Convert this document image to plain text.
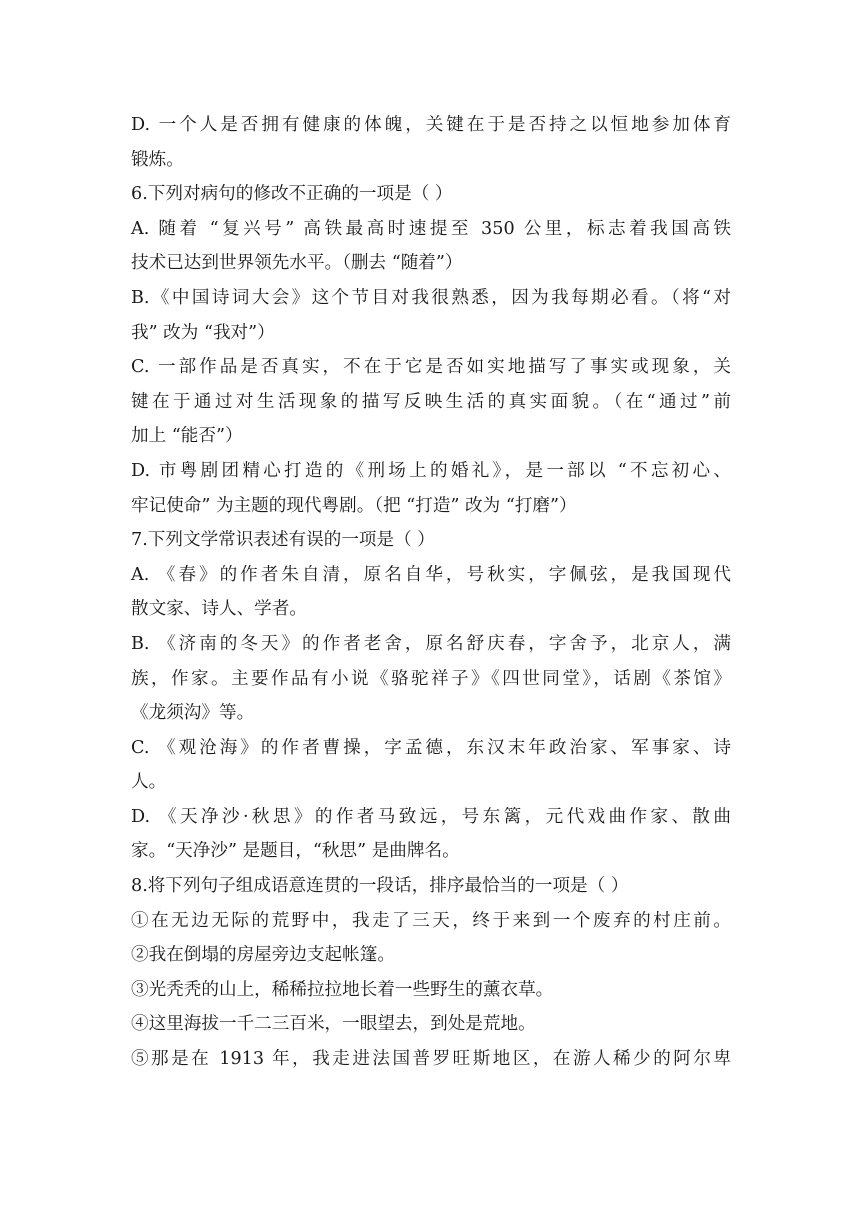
D. 一个人是否拥有健康的体魄，关键在于是否持之以恒地参加体育
锻炼。
6.下列对病句的修改不正确的一项是（ ）
A. 随着 “复兴号” 高铁最高时速提至 350 公里，标志着我国高铁
技术已达到世界领先水平。（删去 “随着”）
B.《中国诗词大会》这个节目对我很熟悉，因为我每期必看。（将“对
我” 改为 “我对”）
C. 一部作品是否真实，不在于它是否如实地描写了事实或现象，关
键在于通过对生活现象的描写反映生活的真实面貌。（在“通过”前
加上 “能否”）
D. 市粤剧团精心打造的《刑场上的婚礼》，是一部以 “不忘初心、
牢记使命” 为主题的现代粤剧。（把 “打造” 改为 “打磨”）
7.下列文学常识表述有误的一项是（ ）
A. 《春》的作者朱自清，原名自华，号秋实，字佩弦，是我国现代
散文家、诗人、学者。
B. 《济南的冬天》的作者老舍，原名舒庆春，字舍予，北京人，满
族，作家。主要作品有小说《骆驼祥子》《四世同堂》，话剧《茶馆》
《龙须沟》等。
C. 《观沧海》的作者曹操，字孟德，东汉末年政治家、军事家、诗
人。
D. 《天净沙·秋思》的作者马致远，号东篱，元代戏曲作家、散曲
家。“天净沙” 是题目，“秋思” 是曲牌名。
8.将下列句子组成语意连贯的一段话，排序最恰当的一项是（ ）
①在无边无际的荒野中，我走了三天，终于来到一个废弃的村庄前。
②我在倒塌的房屋旁边支起帐篷。
③光秃秃的山上，稀稀拉拉地长着一些野生的薰衣草。
④这里海拔一千二三百米，一眼望去，到处是荒地。
⑤那是在 1913 年，我走进法国普罗旺斯地区，在游人稀少的阿尔卑
